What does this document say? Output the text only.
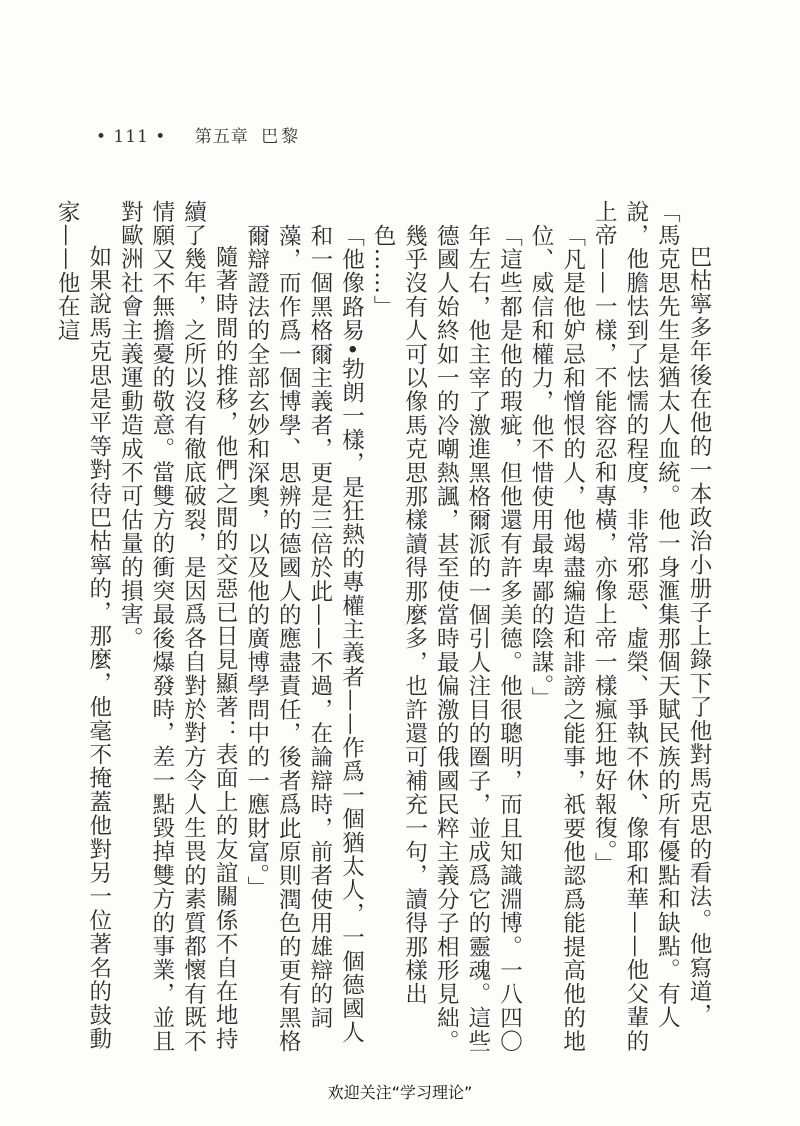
• 111 • 第五章 巴黎

巴枯寧多年後在他的一本政治小册子上錄下了他對馬克思的看法。他寫道，「馬克思先生是猶太人血統。他一身滙集那個天賦民族的所有優點和缺點。有人說，他膽怯到了怯懦的程度，非常邪惡、虛榮、爭執不休、像耶和華——他父輩的上帝——一樣，不能容忍和專橫，亦像上帝一樣瘋狂地好報復。」

「凡是他妒忌和憎恨的人，他竭盡編造和誹謗之能事，祇要他認爲能提高他的地位、威信和權力，他不惜使用最卑鄙的陰謀。」

「這些都是他的瑕疵，但他還有許多美德。他很聰明，而且知識淵博。一八四〇年左右，他主宰了激進黑格爾派的一個引人注目的圈子，並成爲它的靈魂。這些德國人始終如一的冷嘲熱諷，甚至使當時最偏激的俄國民粹主義分子相形見絀。幾乎沒有人可以像馬克思那樣讀得那麼多，也許還可補充一句，讀得那樣出色……」

「他像路易•勃朗一樣，是狂熱的專權主義者——作爲一個猶太人，一個德國人和一個黑格爾主義者，更是三倍於此——不過，在論辯時，前者使用雄辯的詞藻，而作爲一個博學、思辨的德國人的應盡責任，後者爲此原則潤色的更有黑格爾辯證法的全部玄妙和深奧，以及他的廣博學問中的一應財富。」

隨著時間的推移，他們之間的交惡已日見顯著：表面上的友誼關係不自在地持續了幾年，之所以沒有徹底破裂，是因爲各自對於對方令人生畏的素質都懷有既不情願又不無擔憂的敬意。當雙方的衝突最後爆發時，差一點毀掉雙方的事業，並且對歐洲社會主義運動造成不可估量的損害。

如果說馬克思是平等對待巴枯寧的，那麼，他毫不掩蓋他對另一位著名的鼓動家——他在這

欢迎关注“学习理论”
